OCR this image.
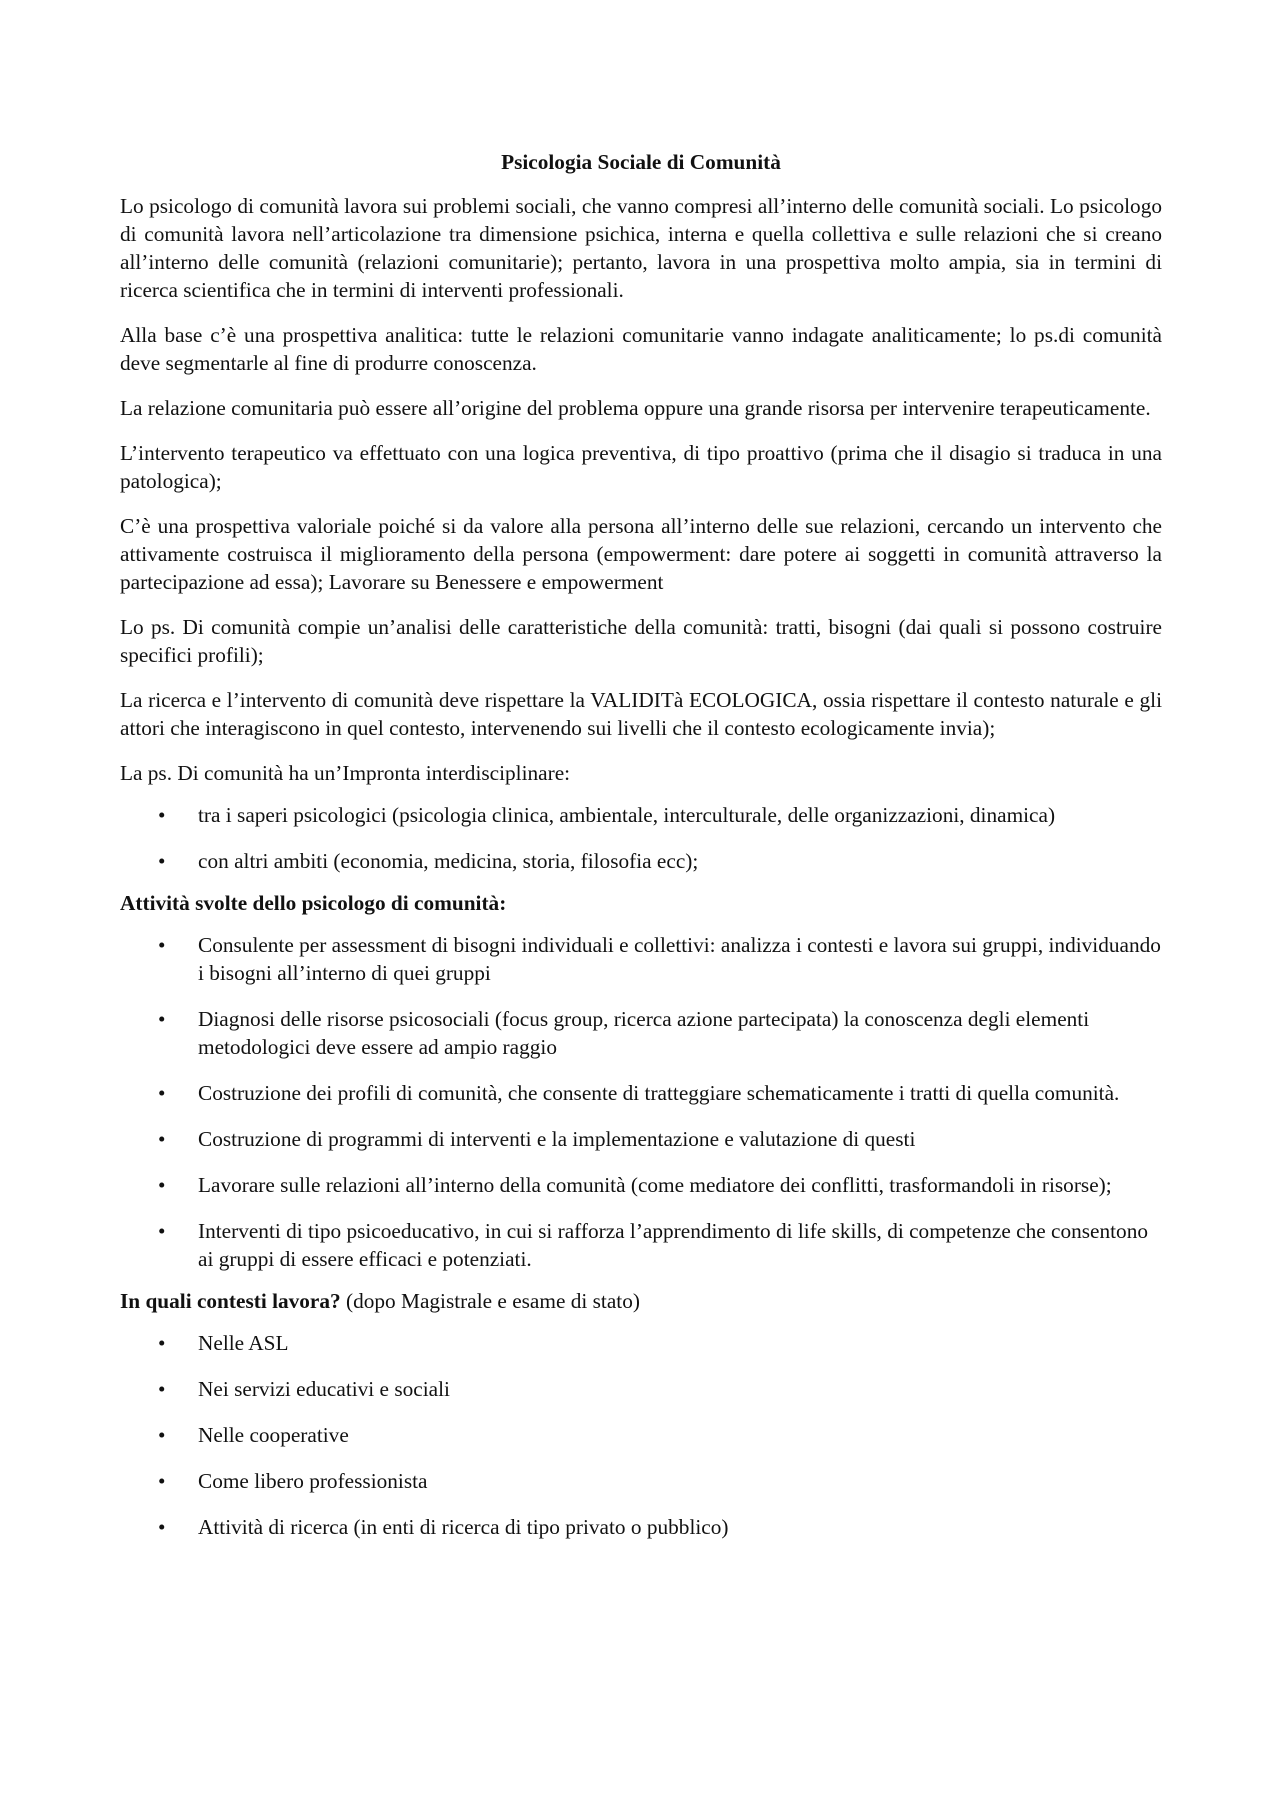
Psicologia Sociale di Comunità

Lo psicologo di comunità lavora sui problemi sociali, che vanno compresi all’interno delle comunità sociali. Lo psicologo di comunità lavora nell’articolazione tra dimensione psichica, interna e quella collettiva e sulle relazioni che si creano all’interno delle comunità (relazioni comunitarie); pertanto, lavora in una prospettiva molto ampia, sia in termini di ricerca scientifica che in termini di interventi professionali.

Alla base c’è una prospettiva analitica: tutte le relazioni comunitarie vanno indagate analiticamente; lo ps.di comunità deve segmentarle al fine di produrre conoscenza.

La relazione comunitaria può essere all’origine del problema oppure una grande risorsa per intervenire terapeuticamente.

L’intervento terapeutico va effettuato con una logica preventiva, di tipo proattivo (prima che il disagio si traduca in una patologica);

C’è una prospettiva valoriale poiché si da valore alla persona all’interno delle sue relazioni, cercando un intervento che attivamente costruisca il miglioramento della persona (empowerment: dare potere ai soggetti in comunità attraverso la partecipazione ad essa); Lavorare su Benessere e empowerment

Lo ps. Di comunità compie un’analisi delle caratteristiche della comunità: tratti, bisogni (dai quali si possono costruire specifici profili);

La ricerca e l’intervento di comunità deve rispettare la VALIDITà ECOLOGICA, ossia rispettare il contesto naturale e gli attori che interagiscono in quel contesto, intervenendo sui livelli che il contesto ecologicamente invia);

La ps. Di comunità ha un’Impronta interdisciplinare:

• tra i saperi psicologici (psicologia clinica, ambientale, interculturale, delle organizzazioni, dinamica)
• con altri ambiti (economia, medicina, storia, filosofia ecc);
Attività svolte dello psicologo di comunità:
• Consulente per assessment di bisogni individuali e collettivi: analizza i contesti e lavora sui gruppi, individuando i bisogni all’interno di quei gruppi
• Diagnosi delle risorse psicosociali (focus group, ricerca azione partecipata) la conoscenza degli elementi metodologici deve essere ad ampio raggio
• Costruzione dei profili di comunità, che consente di tratteggiare schematicamente i tratti di quella comunità.
• Costruzione di programmi di interventi e la implementazione e valutazione di questi
• Lavorare sulle relazioni all’interno della comunità (come mediatore dei conflitti, trasformandoli in risorse);
• Interventi di tipo psicoeducativo, in cui si rafforza l’apprendimento di life skills, di competenze che consentono ai gruppi di essere efficaci e potenziati.
In quali contesti lavora? (dopo Magistrale e esame di stato)
• Nelle ASL
• Nei servizi educativi e sociali
• Nelle cooperative
• Come libero professionista
• Attività di ricerca (in enti di ricerca di tipo privato o pubblico)
